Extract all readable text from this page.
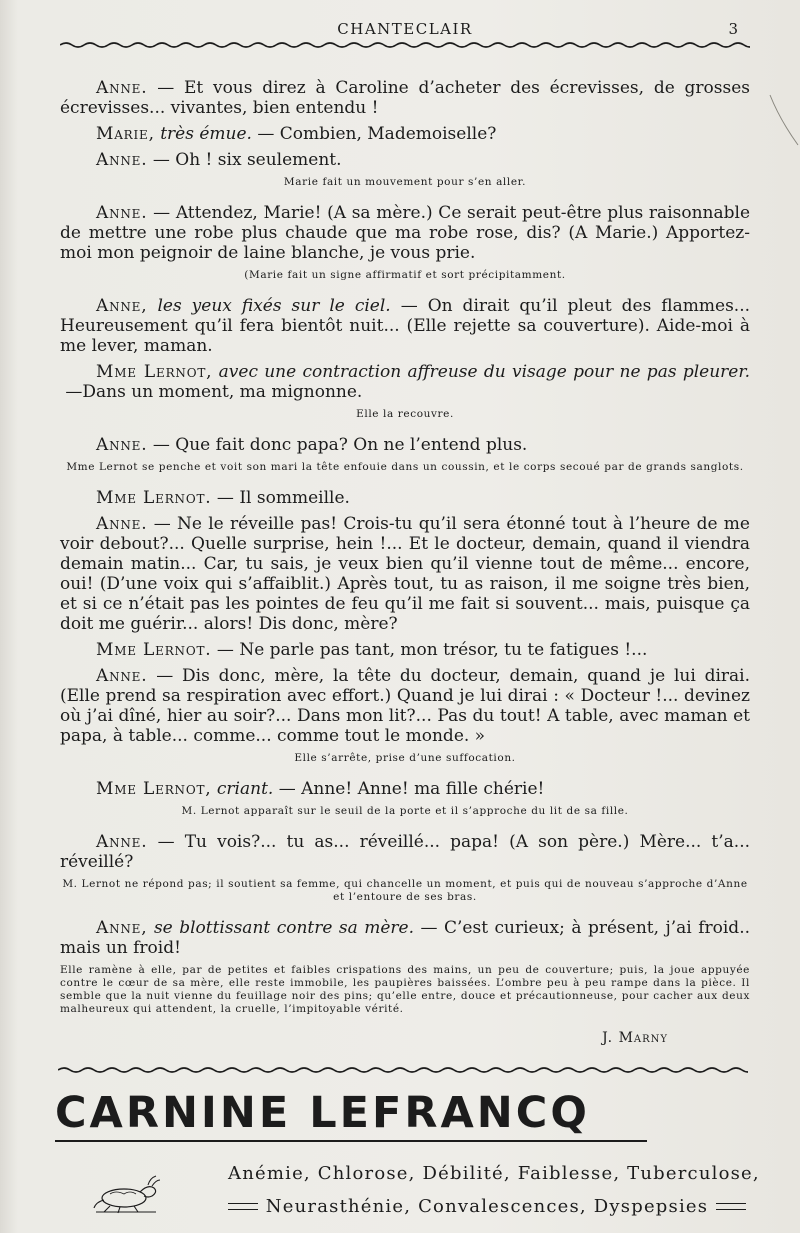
CHANTECLAIR	3

Anne. — Et vous direz à Caroline d’acheter des écrevisses, de grosses écrevisses... vivantes, bien entendu !

Marie, très émue. — Combien, Mademoiselle?

Anne. — Oh ! six seulement.

Marie fait un mouvement pour s’en aller.

Anne. — Attendez, Marie! (A sa mère.) Ce serait peut-être plus raisonnable de mettre une robe plus chaude que ma robe rose, dis? (A Marie.) Apportez-moi mon peignoir de laine blanche, je vous prie.

(Marie fait un signe affirmatif et sort précipitamment.

Anne, les yeux fixés sur le ciel. — On dirait qu’il pleut des flammes... Heureusement qu’il fera bientôt nuit... (Elle rejette sa couverture). Aide-moi à me lever, maman.

Mme Lernot, avec une contraction affreuse du visage pour ne pas pleurer. —Dans un moment, ma mignonne.

Elle la recouvre.

Anne. — Que fait donc papa? On ne l’entend plus.

Mme Lernot se penche et voit son mari la tête enfouie dans un coussin, et le corps secoué par de grands sanglots.

Mme Lernot. — Il sommeille.

Anne. — Ne le réveille pas! Crois-tu qu’il sera étonné tout à l’heure de me voir debout?... Quelle surprise, hein !... Et le docteur, demain, quand il viendra demain matin... Car, tu sais, je veux bien qu’il vienne tout de même... encore, oui! (D’une voix qui s’affaiblit.) Après tout, tu as raison, il me soigne très bien, et si ce n’était pas les pointes de feu qu’il me fait si souvent... mais, puisque ça doit me guérir... alors! Dis donc, mère?

Mme Lernot. — Ne parle pas tant, mon trésor, tu te fatigues !...

Anne. — Dis donc, mère, la tête du docteur, demain, quand je lui dirai. (Elle prend sa respiration avec effort.) Quand je lui dirai : « Docteur !... devinez où j’ai dîné, hier au soir?... Dans mon lit?... Pas du tout! A table, avec maman et papa, à table... comme... comme tout le monde. »

Elle s’arrête, prise d’une suffocation.

Mme Lernot, criant. — Anne! Anne! ma fille chérie!

M. Lernot apparaît sur le seuil de la porte et il s’approche du lit de sa fille.

Anne. — Tu vois?... tu as... réveillé... papa! (A son père.) Mère... t’a... réveillé?

M. Lernot ne répond pas; il soutient sa femme, qui chancelle un moment, et puis qui de nouveau s’approche d’Anne et l’entoure de ses bras.

Anne, se blottissant contre sa mère. — C’est curieux; à présent, j’ai froid.. mais un froid!

Elle ramène à elle, par de petites et faibles crispations des mains, un peu de couverture; puis, la joue appuyée contre le cœur de sa mère, elle reste immobile, les paupières baissées. L’ombre peu à peu rampe dans la pièce. Il semble que la nuit vienne du feuillage noir des pins; qu’elle entre, douce et précautionneuse, pour cacher aux deux malheureux qui attendent, la cruelle, l’impitoyable vérité.
J. Marny
CARNINE LEFRANCQ
Anémie, Chlorose, Débilité, Faiblesse, Tuberculose,
Neurasthénie, Convalescences, Dyspepsies
